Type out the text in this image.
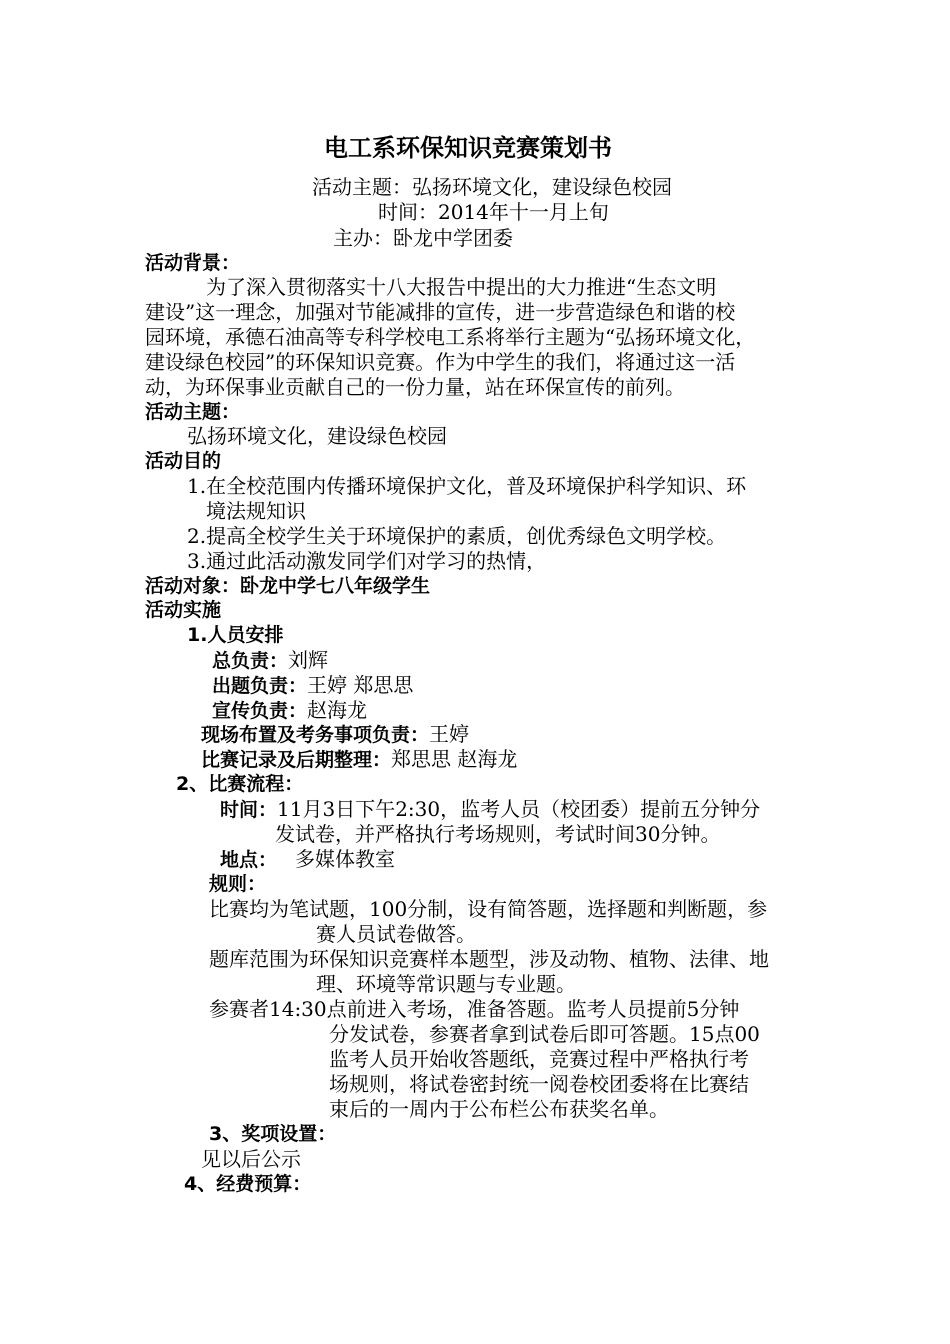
电工系环保知识竞赛策划书
活动主题：弘扬环境文化，建设绿色校园
时间：2014年十一月上旬
主办：卧龙中学团委
活动背景：
为了深入贯彻落实十八大报告中提出的大力推进“生态文明
建设”这一理念，加强对节能减排的宣传，进一步营造绿色和谐的校
园环境，承德石油高等专科学校电工系将举行主题为“弘扬环境文化，
建设绿色校园”的环保知识竞赛。作为中学生的我们，将通过这一活
动，为环保事业贡献自己的一份力量，站在环保宣传的前列。
活动主题：
弘扬环境文化，建设绿色校园
活动目的
1.在全校范围内传播环境保护文化，普及环境保护科学知识、环
境法规知识
2.提高全校学生关于环境保护的素质，创优秀绿色文明学校。
3.通过此活动激发同学们对学习的热情，
活动对象：卧龙中学七八年级学生
活动实施
1.人员安排
总负责：刘辉
出题负责：王婷 郑思思
宣传负责：赵海龙
现场布置及考务事项负责：王婷
比赛记录及后期整理：郑思思 赵海龙
2、比赛流程：
时间：11月3日下午2:30，监考人员（校团委）提前五分钟分
发试卷，并严格执行考场规则，考试时间30分钟。
地点： 多媒体教室
规则：
比赛均为笔试题，100分制，设有简答题，选择题和判断题，参
赛人员试卷做答。
题库范围为环保知识竞赛样本题型，涉及动物、植物、法律、地
理、环境等常识题与专业题。
参赛者14:30点前进入考场，准备答题。监考人员提前5分钟
分发试卷，参赛者拿到试卷后即可答题。15点00
监考人员开始收答题纸，竞赛过程中严格执行考
场规则，将试卷密封统一阅卷校团委将在比赛结
束后的一周内于公布栏公布获奖名单。
3、奖项设置：
见以后公示
4、经费预算：
